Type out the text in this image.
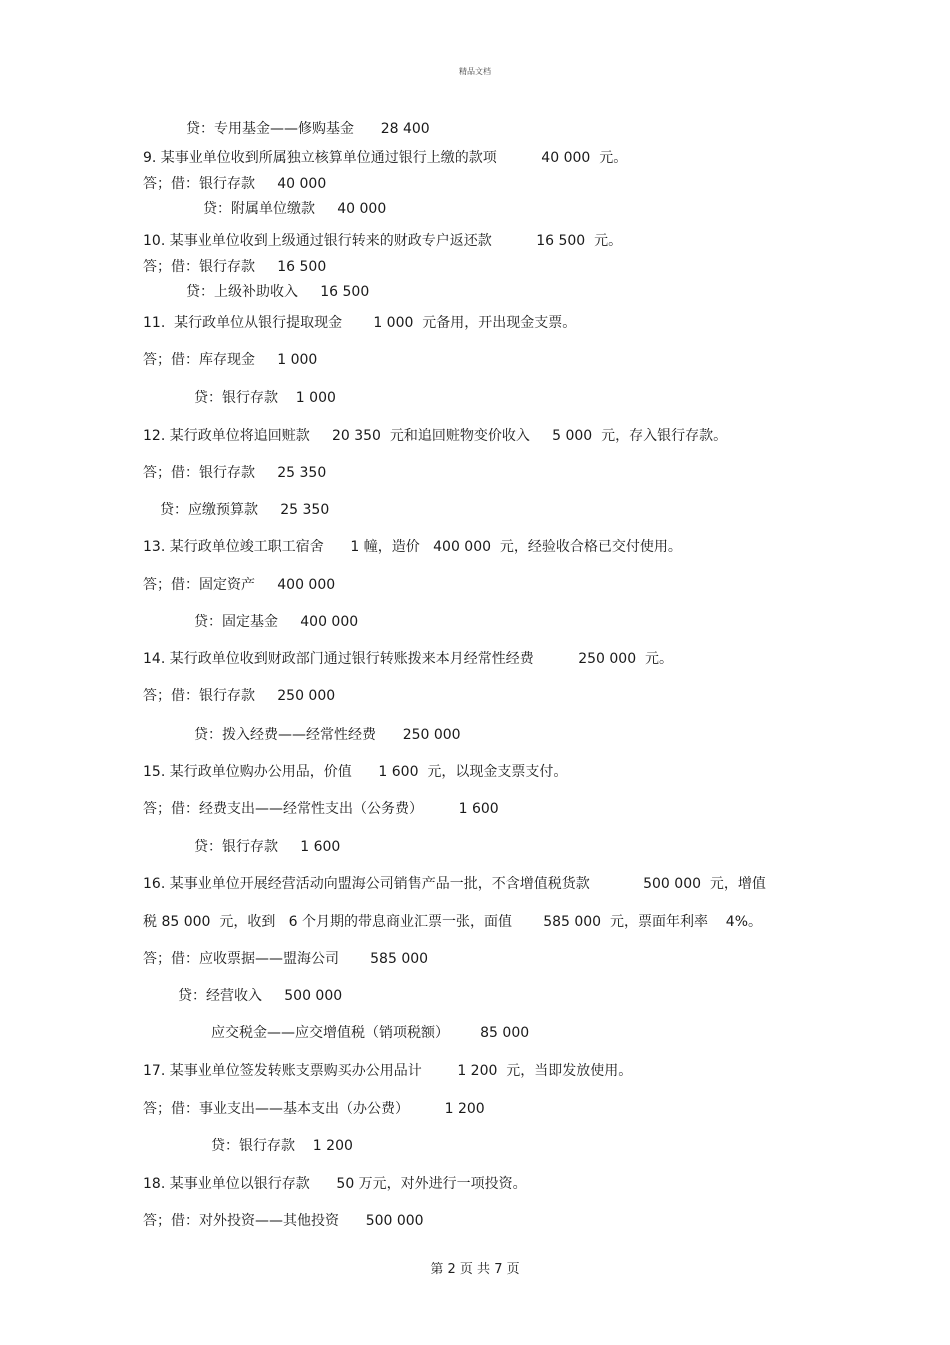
精品文档
贷：专用基金——修购基金      28 400
9. 某事业单位收到所属独立核算单位通过银行上缴的款项          40 000  元。
答；借：银行存款     40 000
贷：附属单位缴款     40 000
10. 某事业单位收到上级通过银行转来的财政专户返还款          16 500  元。
答；借：银行存款     16 500
贷：上级补助收入     16 500
11.  某行政单位从银行提取现金       1 000  元备用，开出现金支票。
答；借：库存现金     1 000
贷：银行存款    1 000
12. 某行政单位将追回赃款     20 350  元和追回赃物变价收入     5 000  元，存入银行存款。
答；借：银行存款     25 350
贷：应缴预算款     25 350
13. 某行政单位竣工职工宿舍      1 幢，造价   400 000  元，经验收合格已交付使用。
答；借：固定资产     400 000
贷：固定基金     400 000
14. 某行政单位收到财政部门通过银行转账拨来本月经常性经费          250 000  元。
答；借：银行存款     250 000
贷：拨入经费——经常性经费      250 000
15. 某行政单位购办公用品，价值      1 600  元，以现金支票支付。
答；借：经费支出——经常性支出（公务费）        1 600
贷：银行存款     1 600
16. 某事业单位开展经营活动向盟海公司销售产品一批，不含增值税货款            500 000  元，增值
税 85 000  元，收到   6 个月期的带息商业汇票一张，面值       585 000  元，票面年利率    4%。
答；借：应收票据——盟海公司       585 000
贷：经营收入     500 000
应交税金——应交增值税（销项税额）       85 000
17. 某事业单位签发转账支票购买办公用品计        1 200  元，当即发放使用。
答；借：事业支出——基本支出（办公费）        1 200
贷：银行存款    1 200
18. 某事业单位以银行存款      50 万元，对外进行一项投资。
答；借：对外投资——其他投资      500 000
第 2 页 共 7 页
